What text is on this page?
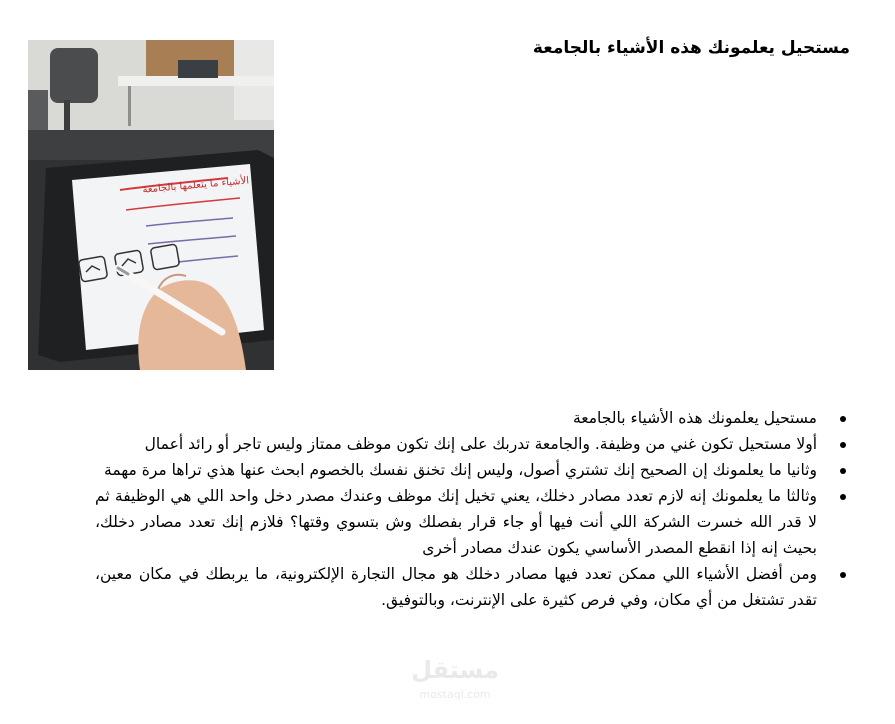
مستحيل يعلمونك هذه الأشياء بالجامعة
الأشياء ما يتعلمها بالجامعة
مستحيل يعلمونك هذه الأشياء بالجامعة
أولا مستحيل تكون غني من وظيفة. والجامعة تدربك على إنك تكون موظف ممتاز وليس تاجر أو رائد أعمال
وثانيا ما يعلمونك إن الصحيح إنك تشتري أصول، وليس إنك تخنق نفسك بالخصوم ابحث عنها هذي تراها مرة مهمة
وثالثا ما يعلمونك إنه لازم تعدد مصادر دخلك، يعني تخيل إنك موظف وعندك مصدر دخل واحد اللي هي الوظيفة ثم لا قدر الله خسرت الشركة اللي أنت فيها أو جاء قرار بفصلك وش بتسوي وقتها؟ فلازم إنك تعدد مصادر دخلك، بحيث إنه إذا انقطع المصدر الأساسي يكون عندك مصادر أخرى
ومن أفضل الأشياء اللي ممكن تعدد فيها مصادر دخلك هو مجال التجارة الإلكترونية، ما يربطك في مكان معين، تقدر تشتغل من أي مكان، وفي فرص كثيرة على الإنترنت، وبالتوفيق.
مستقل
mostaql.com
